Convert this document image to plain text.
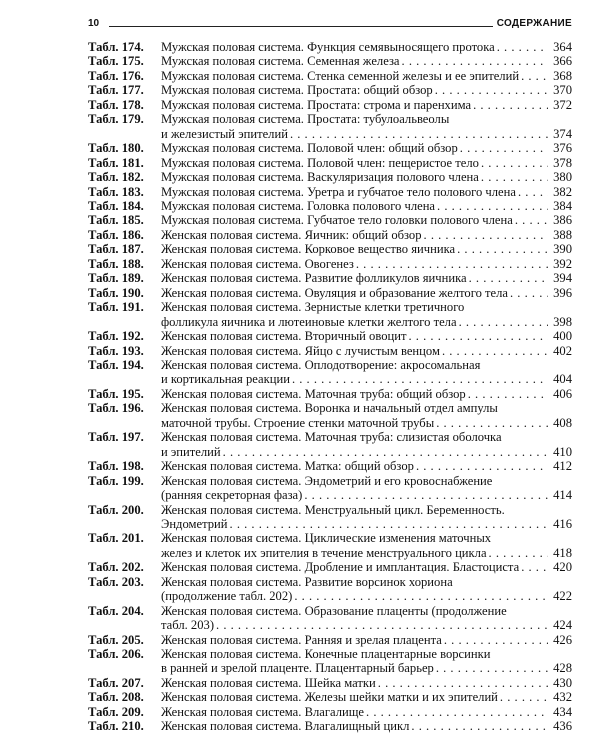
10	СОДЕРЖАНИЕ
Табл. 174.	Мужская половая система. Функция семявыносящего протока . . .	364
Табл. 175.	Мужская половая система. Семенная железа . . .	366
Табл. 176.	Мужская половая система. Стенка семенной железы и ее эпителий . . .	368
Табл. 177.	Мужская половая система. Простата: общий обзор . . .	370
Табл. 178.	Мужская половая система. Простата: строма и паренхима . . .	372
Табл. 179.	Мужская половая система. Простата: тубулоальвеолы
и железистый эпителий . . .	374
Табл. 180.	Мужская половая система. Половой член: общий обзор . . .	376
Табл. 181.	Мужская половая система. Половой член: пещеристое тело . . .	378
Табл. 182.	Мужская половая система. Васкуляризация полового члена . . .	380
Табл. 183.	Мужская половая система. Уретра и губчатое тело полового члена . . .	382
Табл. 184.	Мужская половая система. Головка полового члена . . .	384
Табл. 185.	Мужская половая система. Губчатое тело головки полового члена . . .	386
Табл. 186.	Женская половая система. Яичник: общий обзор . . .	388
Табл. 187.	Женская половая система. Корковое вещество яичника . . .	390
Табл. 188.	Женская половая система. Овогенез . . .	392
Табл. 189.	Женская половая система. Развитие фолликулов яичника . . .	394
Табл. 190.	Женская половая система. Овуляция и образование желтого тела . . .	396
Табл. 191.	Женская половая система. Зернистые клетки третичного
фолликула яичника и лютеиновые клетки желтого тела . . .	398
Табл. 192.	Женская половая система. Вторичный овоцит . . .	400
Табл. 193.	Женская половая система. Яйцо с лучистым венцом . . .	402
Табл. 194.	Женская половая система. Оплодотворение: акросомальная
и кортикальная реакции . . .	404
Табл. 195.	Женская половая система. Маточная труба: общий обзор . . .	406
Табл. 196.	Женская половая система. Воронка и начальный отдел ампулы
маточной трубы. Строение стенки маточной трубы . . .	408
Табл. 197.	Женская половая система. Маточная труба: слизистая оболочка
и эпителий . . .	410
Табл. 198.	Женская половая система. Матка: общий обзор . . .	412
Табл. 199.	Женская половая система. Эндометрий и его кровоснабжение
(ранняя секреторная фаза) . . .	414
Табл. 200.	Женская половая система. Менструальный цикл. Беременность.
Эндометрий . . .	416
Табл. 201.	Женская половая система. Циклические изменения маточных
желез и клеток их эпителия в течение менструального цикла . . .	418
Табл. 202.	Женская половая система. Дробление и имплантация. Бластоциста . . .	420
Табл. 203.	Женская половая система. Развитие ворсинок хориона
(продолжение табл. 202) . . .	422
Табл. 204.	Женская половая система. Образование плаценты (продолжение
табл. 203) . . .	424
Табл. 205.	Женская половая система. Ранняя и зрелая плацента . . .	426
Табл. 206.	Женская половая система. Конечные плацентарные ворсинки
в ранней и зрелой плаценте. Плацентарный барьер . . .	428
Табл. 207.	Женская половая система. Шейка матки . . .	430
Табл. 208.	Женская половая система. Железы шейки матки и их эпителий . . .	432
Табл. 209.	Женская половая система. Влагалище . . .	434
Табл. 210.	Женская половая система. Влагалищный цикл . . .	436
